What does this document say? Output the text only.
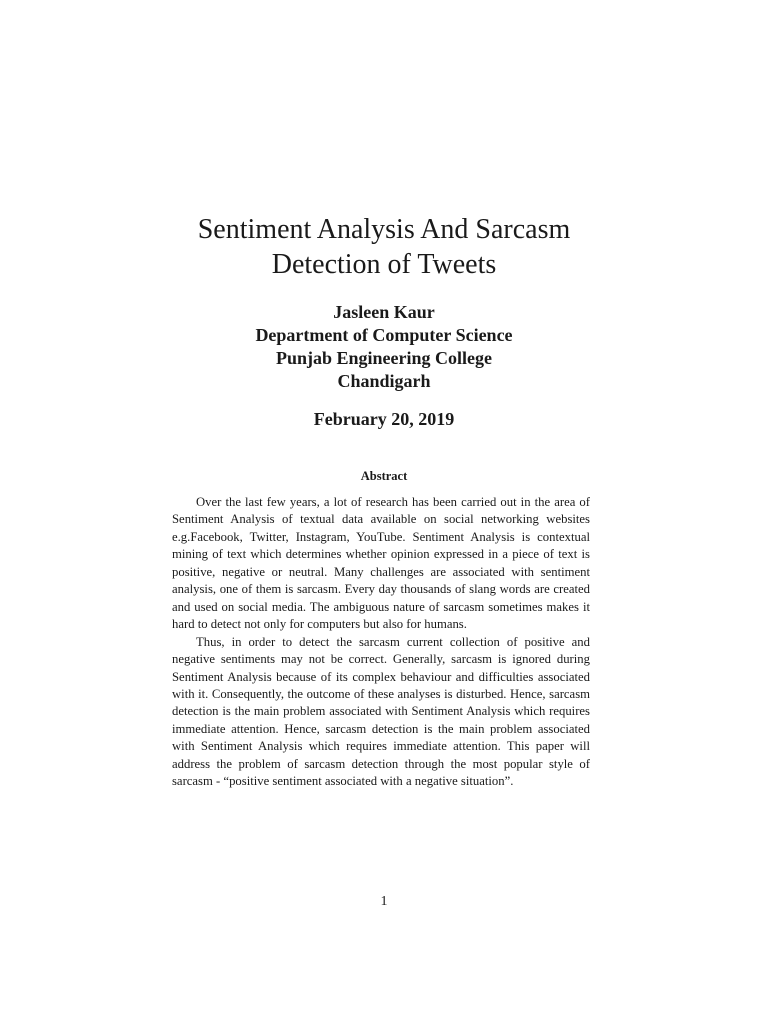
Sentiment Analysis And Sarcasm
Detection of Tweets
Jasleen Kaur
Department of Computer Science
Punjab Engineering College
Chandigarh
February 20, 2019
Abstract

Over the last few years, a lot of research has been carried out in the area of Sentiment Analysis of textual data available on social networking websites e.g.Facebook, Twitter, Instagram, YouTube. Sentiment Analysis is contextual mining of text which determines whether opinion expressed in a piece of text is positive, negative or neutral. Many challenges are associated with sentiment analysis, one of them is sarcasm. Every day thousands of slang words are created and used on social media. The ambiguous nature of sarcasm sometimes makes it hard to detect not only for computers but also for humans.

Thus, in order to detect the sarcasm current collection of positive and negative sentiments may not be correct. Generally, sarcasm is ignored during Sentiment Analysis because of its complex behaviour and difficulties associated with it. Consequently, the outcome of these analyses is disturbed. Hence, sarcasm detection is the main problem associated with Sentiment Analysis which requires immediate attention. Hence, sarcasm detection is the main problem associated with Sentiment Analysis which requires immediate attention. This paper will address the problem of sarcasm detection through the most popular style of sarcasm - “positive sentiment associated with a negative situation”.

1
